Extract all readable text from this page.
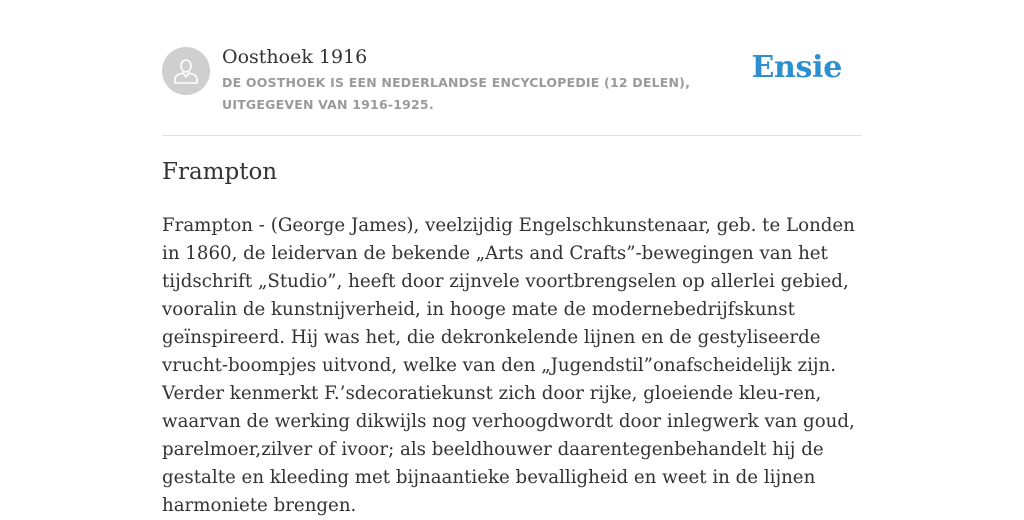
Oosthoek 1916
DE OOSTHOEK IS EEN NEDERLANDSE ENCYCLOPEDIE (12 DELEN), UITGEGEVEN VAN 1916-1925.
Ensie
Frampton

Frampton - (George James), veelzijdig Engelschkunstenaar, geb. te Londen in 1860, de leidervan de bekende „Arts and Crafts”-bewegingen van het tijdschrift „Studio”, heeft door zijnvele voortbrengselen op allerlei gebied, vooralin de kunstnijverheid, in hooge mate de modernebedrijfskunst geïnspireerd. Hij was het, die dekronkelende lijnen en de gestyliseerde vrucht-boompjes uitvond, welke van den „Jugendstil”onafscheidelijk zijn. Verder kenmerkt F.’sdecoratiekunst zich door rijke, gloeiende kleu-ren, waarvan de werking dikwijls nog verhoogdwordt door inlegwerk van goud, parelmoer,zilver of ivoor; als beeldhouwer daarentegenbehandelt hij de gestalte en kleeding met bijnaantieke bevalligheid en weet in de lijnen harmoniete brengen.
